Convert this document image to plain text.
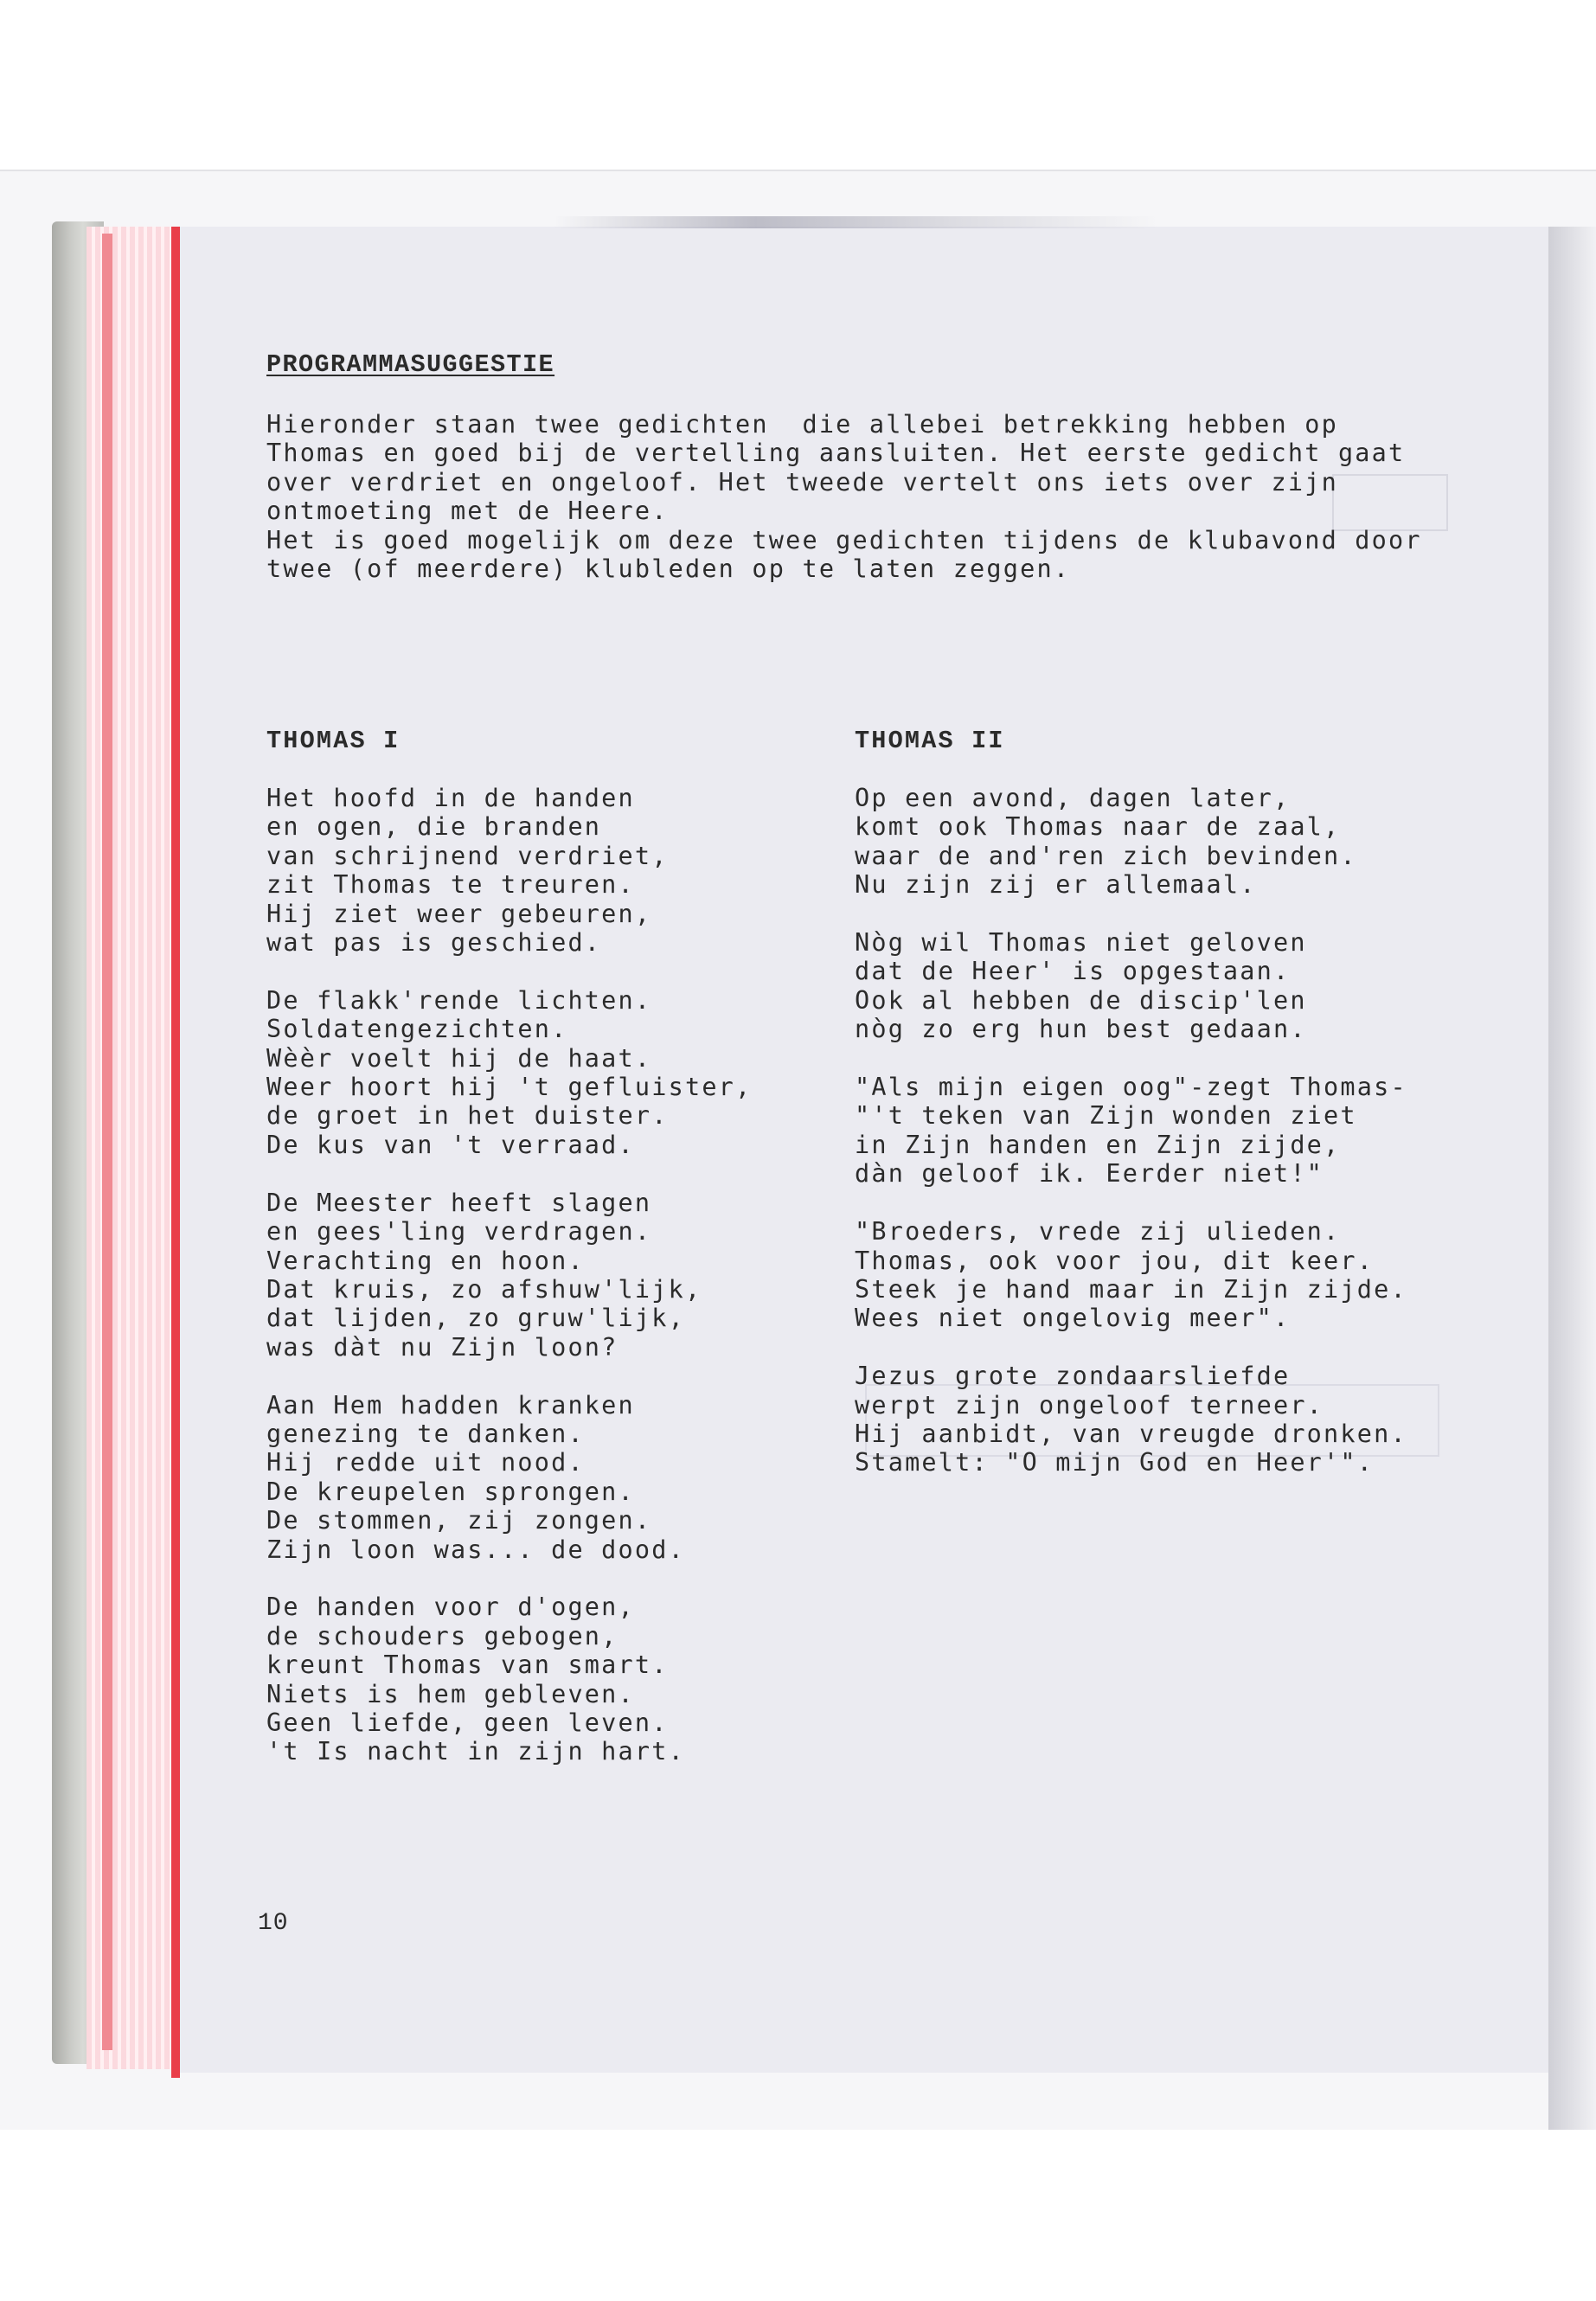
PROGRAMMASUGGESTIE
Hieronder staan twee gedichten  die allebei betrekking hebben op
Thomas en goed bij de vertelling aansluiten. Het eerste gedicht gaat
over verdriet en ongeloof. Het tweede vertelt ons iets over zijn
ontmoeting met de Heere.
Het is goed mogelijk om deze twee gedichten tijdens de klubavond door
twee (of meerdere) klubleden op te laten zeggen.
THOMAS I	THOMAS II
Het hoofd in de handen
en ogen, die branden
van schrijnend verdriet,
zit Thomas te treuren.
Hij ziet weer gebeuren,
wat pas is geschied.

De flakk'rende lichten.
Soldatengezichten.
Wèèr voelt hij de haat.
Weer hoort hij 't gefluister,
de groet in het duister.
De kus van 't verraad.

De Meester heeft slagen
en gees'ling verdragen.
Verachting en hoon.
Dat kruis, zo afshuw'lijk,
dat lijden, zo gruw'lijk,
was dàt nu Zijn loon?

Aan Hem hadden kranken
genezing te danken.
Hij redde uit nood.
De kreupelen sprongen.
De stommen, zij zongen.
Zijn loon was... de dood.

De handen voor d'ogen,
de schouders gebogen,
kreunt Thomas van smart.
Niets is hem gebleven.
Geen liefde, geen leven.
't Is nacht in zijn hart.
Op een avond, dagen later,
komt ook Thomas naar de zaal,
waar de and'ren zich bevinden.
Nu zijn zij er allemaal.

Nòg wil Thomas niet geloven
dat de Heer' is opgestaan.
Ook al hebben de discip'len
nòg zo erg hun best gedaan.

"Als mijn eigen oog"-zegt Thomas-
"'t teken van Zijn wonden ziet
in Zijn handen en Zijn zijde,
dàn geloof ik. Eerder niet!"

"Broeders, vrede zij ulieden.
Thomas, ook voor jou, dit keer.
Steek je hand maar in Zijn zijde.
Wees niet ongelovig meer".

Jezus grote zondaarsliefde
werpt zijn ongeloof terneer.
Hij aanbidt, van vreugde dronken.
Stamelt: "O mijn God en Heer'".

10
